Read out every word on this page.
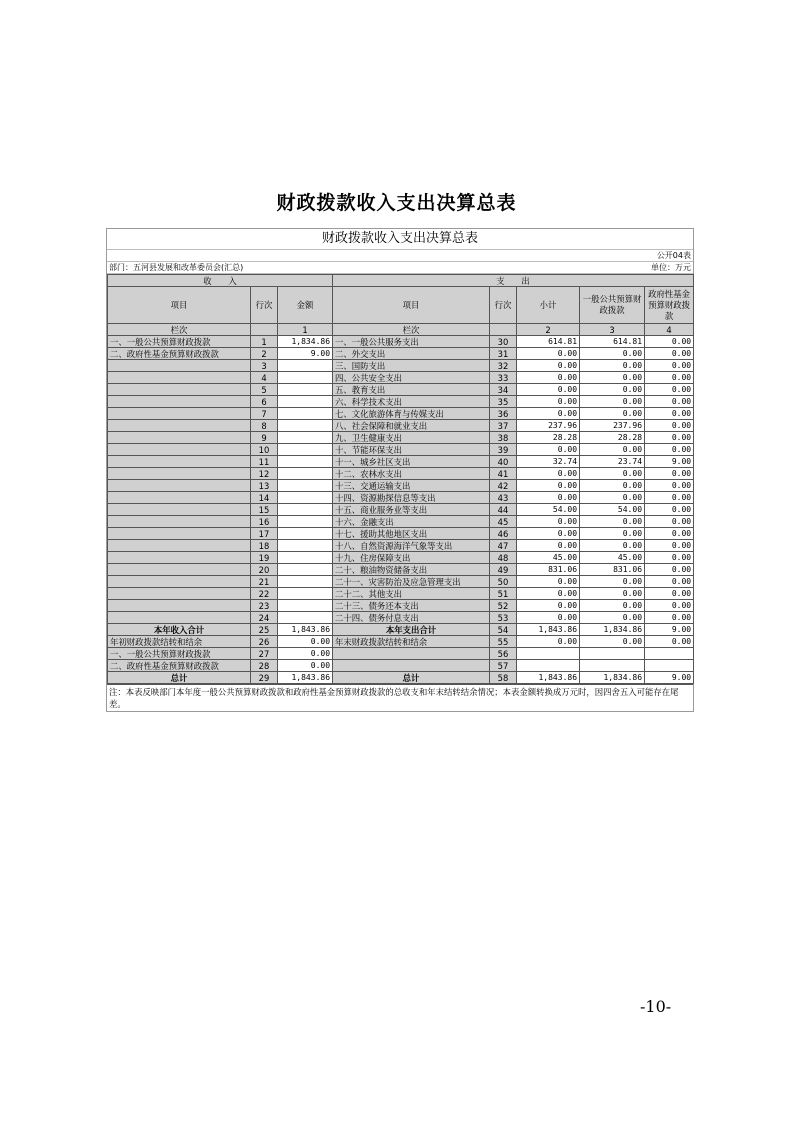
财政拨款收入支出决算总表
财政拨款收入支出决算总表
公开04表
部门：五河县发展和改革委员会(汇总)	单位：万元
收　　入			支　　出				
项目	行次	金额	项目	行次	小计	一般公共预算财政拨款	政府性基金预算财政拨款
栏次		1	栏次		2	3	4
一、一般公共预算财政拨款	1	1,834.86	一、一般公共服务支出	30	614.81	614.81	0.00
二、政府性基金预算财政拨款	2	9.00	二、外交支出	31	0.00	0.00	0.00
	3		三、国防支出	32	0.00	0.00	0.00
	4		四、公共安全支出	33	0.00	0.00	0.00
	5		五、教育支出	34	0.00	0.00	0.00
	6		六、科学技术支出	35	0.00	0.00	0.00
	7		七、文化旅游体育与传媒支出	36	0.00	0.00	0.00
	8		八、社会保障和就业支出	37	237.96	237.96	0.00
	9		九、卫生健康支出	38	28.28	28.28	0.00
	10		十、节能环保支出	39	0.00	0.00	0.00
	11		十一、城乡社区支出	40	32.74	23.74	9.00
	12		十二、农林水支出	41	0.00	0.00	0.00
	13		十三、交通运输支出	42	0.00	0.00	0.00
	14		十四、资源勘探信息等支出	43	0.00	0.00	0.00
	15		十五、商业服务业等支出	44	54.00	54.00	0.00
	16		十六、金融支出	45	0.00	0.00	0.00
	17		十七、援助其他地区支出	46	0.00	0.00	0.00
	18		十八、自然资源海洋气象等支出	47	0.00	0.00	0.00
	19		十九、住房保障支出	48	45.00	45.00	0.00
	20		二十、粮油物资储备支出	49	831.06	831.06	0.00
	21		二十一、灾害防治及应急管理支出	50	0.00	0.00	0.00
	22		二十二、其他支出	51	0.00	0.00	0.00
	23		二十三、债务还本支出	52	0.00	0.00	0.00
	24		二十四、债务付息支出	53	0.00	0.00	0.00
本年收入合计	25	1,843.86	本年支出合计	54	1,843.86	1,834.86	9.00
年初财政拨款结转和结余	26	0.00	年末财政拨款结转和结余	55	0.00	0.00	0.00
一、一般公共预算财政拨款	27	0.00		56			
二、政府性基金预算财政拨款	28	0.00		57			
总计	29	1,843.86	总计	58	1,843.86	1,834.86	9.00
注：本表反映部门本年度一般公共预算财政拨款和政府性基金预算财政拨款的总收支和年末结转结余情况；本表金额转换成万元时，因四舍五入可能存在尾差。
-10-
